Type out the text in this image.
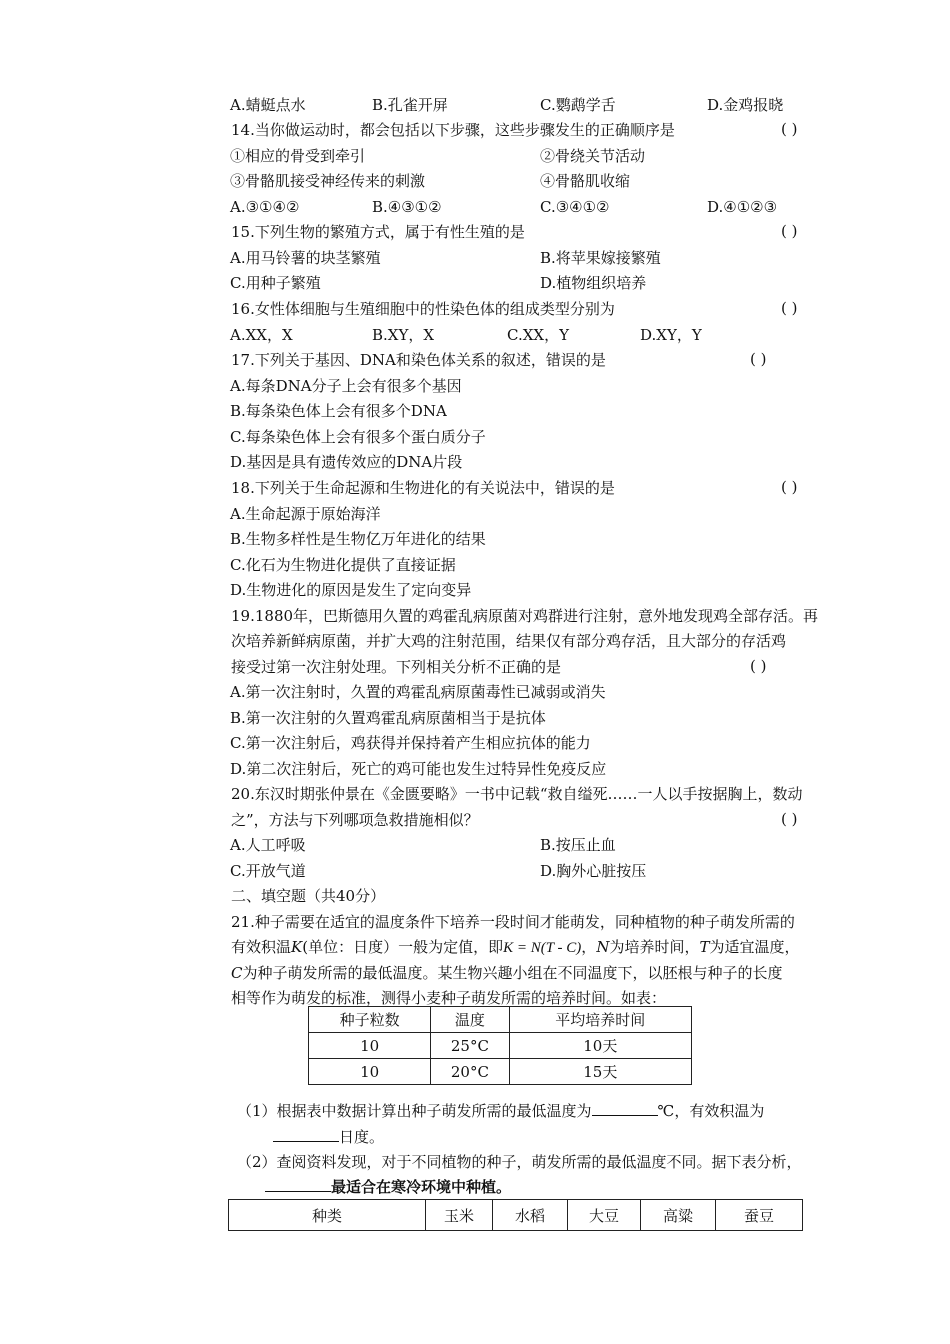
A.蜻蜓点水	B.孔雀开屏	C.鹦鹉学舌	D.金鸡报晓
14.当你做运动时，都会包括以下步骤，这些步骤发生的正确顺序是	( )
①相应的骨受到牵引	②骨绕关节活动
③骨骼肌接受神经传来的刺激	④骨骼肌收缩
A.③①④②	B.④③①②	C.③④①②	D.④①②③
15.下列生物的繁殖方式，属于有性生殖的是	( )
A.用马铃薯的块茎繁殖	B.将苹果嫁接繁殖
C.用种子繁殖	D.植物组织培养
16.女性体细胞与生殖细胞中的性染色体的组成类型分别为	( )
A.XX，X	B.XY，X	C.XX，Y	D.XY，Y
17.下列关于基因、DNA和染色体关系的叙述，错误的是	( )
A.每条DNA分子上会有很多个基因
B.每条染色体上会有很多个DNA
C.每条染色体上会有很多个蛋白质分子
D.基因是具有遗传效应的DNA片段
18.下列关于生命起源和生物进化的有关说法中，错误的是	( )
A.生命起源于原始海洋
B.生物多样性是生物亿万年进化的结果
C.化石为生物进化提供了直接证据
D.生物进化的原因是发生了定向变异
19.1880年，巴斯德用久置的鸡霍乱病原菌对鸡群进行注射，意外地发现鸡全部存活。再
次培养新鲜病原菌，并扩大鸡的注射范围，结果仅有部分鸡存活，且大部分的存活鸡
接受过第一次注射处理。下列相关分析不正确的是	( )
A.第一次注射时，久置的鸡霍乱病原菌毒性已减弱或消失
B.第一次注射的久置鸡霍乱病原菌相当于是抗体
C.第一次注射后，鸡获得并保持着产生相应抗体的能力
D.第二次注射后，死亡的鸡可能也发生过特异性免疫反应
20.东汉时期张仲景在《金匮要略》一书中记载“救自缢死……一人以手按据胸上，数动
之”，方法与下列哪项急救措施相似？	( )
A.人工呼吸	B.按压止血
C.开放气道	D.胸外心脏按压
二、填空题（共40分）
21.种子需要在适宜的温度条件下培养一段时间才能萌发，同种植物的种子萌发所需的
有效积温K(单位：日度）一般为定值，即K = N(T - C)，N为培养时间，T为适宜温度，
C为种子萌发所需的最低温度。某生物兴趣小组在不同温度下，以胚根与种子的长度
相等作为萌发的标准，测得小麦种子萌发所需的培养时间。如表：
种子粒数	温度	平均培养时间
10	25°C	10天
10	20°C	15天
（1）根据表中数据计算出种子萌发所需的最低温度为	℃，有效积温为
日度。
（2）查阅资料发现，对于不同植物的种子，萌发所需的最低温度不同。据下表分析，
最适合在寒冷环境中种植。
种类	玉米	水稻	大豆	高粱	蚕豆
